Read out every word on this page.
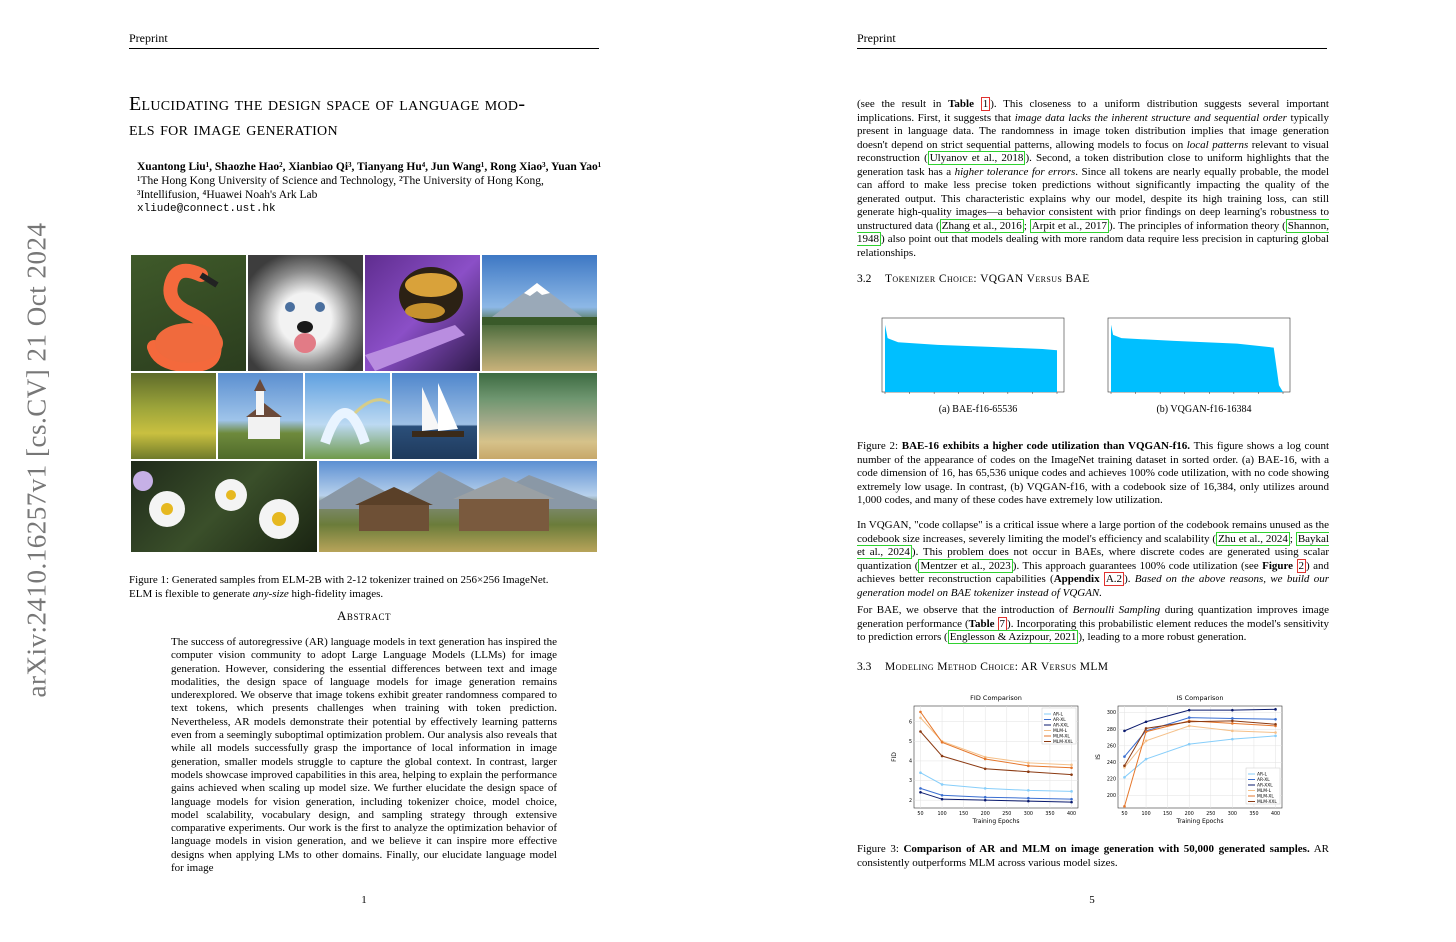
Preprint
arXiv:2410.16257v1 [cs.CV] 21 Oct 2024
Elucidating the design space of language mod-
els for image generation
Xuantong Liu¹, Shaozhe Hao², Xianbiao Qi³, Tianyang Hu⁴, Jun Wang¹, Rong Xiao³, Yuan Yao¹
¹The Hong Kong University of Science and Technology, ²The University of Hong Kong,
³Intellifusion, ⁴Huawei Noah's Ark Lab
xliude@connect.ust.hk
Figure 1: Generated samples from ELM-2B with 2-12 tokenizer trained on 256×256 ImageNet.
ELM is flexible to generate any-size high-fidelity images.
Abstract
The success of autoregressive (AR) language models in text generation has inspired the computer vision community to adopt Large Language Models (LLMs) for image generation. However, considering the essential differences between text and image modalities, the design space of language models for image generation remains underexplored. We observe that image tokens exhibit greater randomness compared to text tokens, which presents challenges when training with token prediction. Nevertheless, AR models demonstrate their potential by effectively learning patterns even from a seemingly suboptimal optimization problem. Our analysis also reveals that while all models successfully grasp the importance of local information in image generation, smaller models struggle to capture the global context. In contrast, larger models showcase improved capabilities in this area, helping to explain the performance gains achieved when scaling up model size. We further elucidate the design space of language models for vision generation, including tokenizer choice, model choice, model scalability, vocabulary design, and sampling strategy through extensive comparative experiments. Our work is the first to analyze the optimization behavior of language models in vision generation, and we believe it can inspire more effective designs when applying LMs to other domains. Finally, our elucidate language model for image
1
Preprint
(see the result in Table 1 ). This closeness to a uniform distribution suggests several important implications. First, it suggests that image data lacks the inherent structure and sequential order typically present in language data. The randomness in image token distribution implies that image generation doesn't depend on strict sequential patterns, allowing models to focus on local patterns relevant to visual reconstruction ( Ulyanov et al., 2018 ). Second, a token distribution close to uniform highlights that the generation task has a higher tolerance for errors. Since all tokens are nearly equally probable, the model can afford to make less precise token predictions without significantly impacting the quality of the generated output. This characteristic explains why our model, despite its high training loss, can still generate high-quality images—a behavior consistent with prior findings on deep learning's robustness to unstructured data ( Zhang et al., 2016 ; Arpit et al., 2017 ). The principles of information theory ( Shannon, 1948 ) also point out that models dealing with more random data require less precision in capturing global relationships.
3.2 Tokenizer Choice: VQGAN Versus BAE
(a) BAE-f16-65536	(b) VQGAN-f16-16384
Figure 2: BAE-16 exhibits a higher code utilization than VQGAN-f16. This figure shows a log count number of the appearance of codes on the ImageNet training dataset in sorted order. (a) BAE-16, with a code dimension of 16, has 65,536 unique codes and achieves 100% code utilization, with no code showing extremely low usage. In contrast, (b) VQGAN-f16, with a codebook size of 16,384, only utilizes around 1,000 codes, and many of these codes have extremely low utilization.
In VQGAN, "code collapse" is a critical issue where a large portion of the codebook remains unused as the codebook size increases, severely limiting the model's efficiency and scalability ( Zhu et al., 2024 ; Baykal et al., 2024 ). This problem does not occur in BAEs, where discrete codes are generated using scalar quantization ( Mentzer et al., 2023 ). This approach guarantees 100% code utilization (see Figure 2 ) and achieves better reconstruction capabilities (Appendix A.2 ). Based on the above reasons, we build our generation model on BAE tokenizer instead of VQGAN.
For BAE, we observe that the introduction of Bernoulli Sampling during quantization improves image generation performance (Table 7 ). Incorporating this probabilistic element reduces the model's sensitivity to prediction errors ( Englesson & Azizpour, 2021 ), leading to a more robust generation.
3.3 Modeling Method Choice: AR Versus MLM
FID Comparison
50	100	150	200	250	300	350	400
2
3
4
5
6
Training Epochs
FID
AR-L
AR-XL
AR-XXL
MLM-L
MLM-XL
MLM-XXL
IS Comparison
50	100	150	200	250	300	350	400
200
220
240
260
280
300
Training Epochs
IS
AR-L
AR-XL
AR-XXL
MLM-L
MLM-XL
MLM-XXL
Figure 3: Comparison of AR and MLM on image generation with 50,000 generated samples. AR consistently outperforms MLM across various model sizes.
5
